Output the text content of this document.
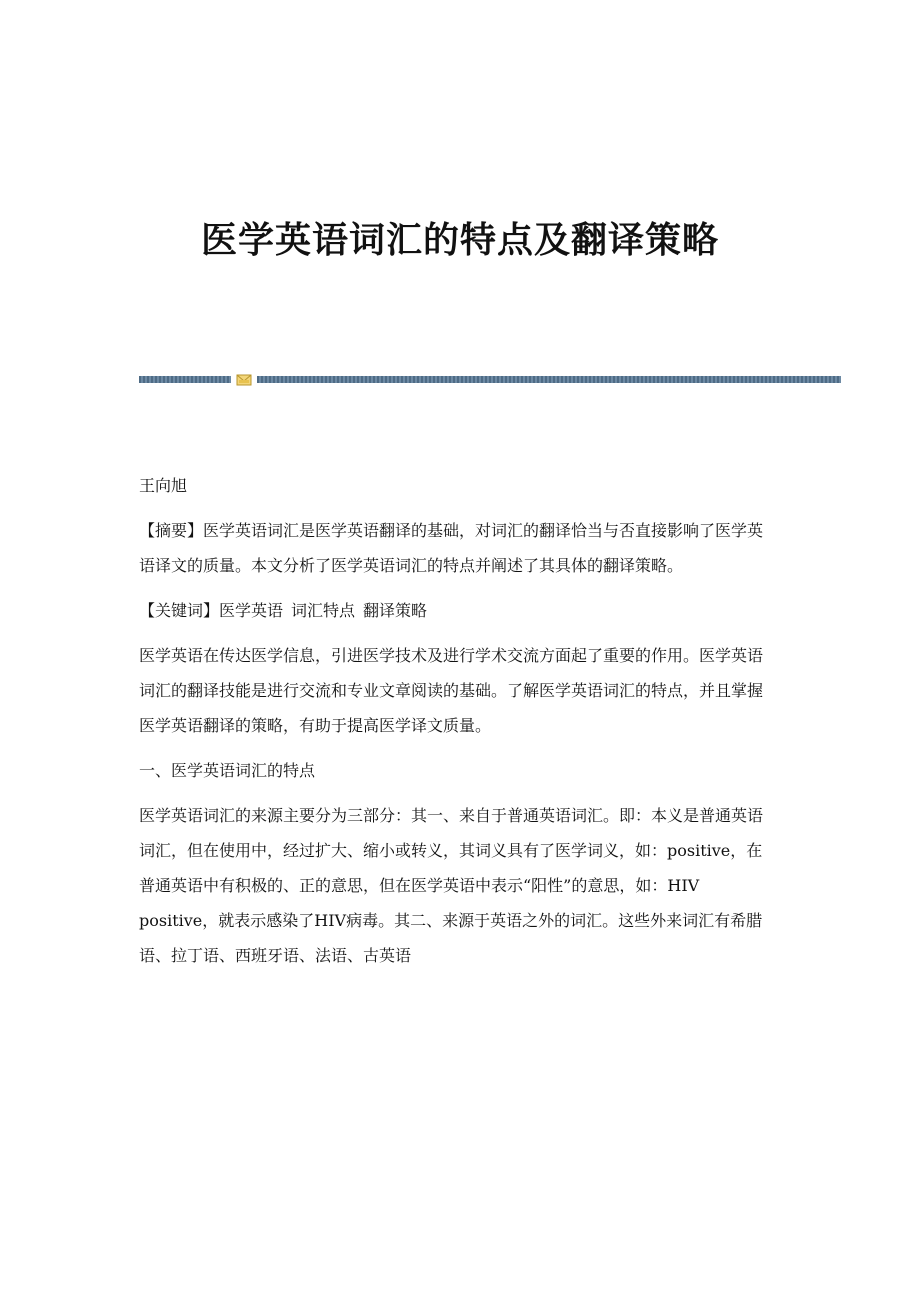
医学英语词汇的特点及翻译策略

王向旭

【摘要】医学英语词汇是医学英语翻译的基础，对词汇的翻译恰当与否直接影响了医学英语译文的质量。本文分析了医学英语词汇的特点并阐述了其具体的翻译策略。

【关键词】医学英语 词汇特点 翻译策略

医学英语在传达医学信息，引进医学技术及进行学术交流方面起了重要的作用。医学英语词汇的翻译技能是进行交流和专业文章阅读的基础。了解医学英语词汇的特点，并且掌握医学英语翻译的策略，有助于提高医学译文质量。

一、医学英语词汇的特点

医学英语词汇的来源主要分为三部分：其一、来自于普通英语词汇。即：本义是普通英语词汇，但在使用中，经过扩大、缩小或转义，其词义具有了医学词义，如：positive，在普通英语中有积极的、正的意思，但在医学英语中表示“阳性”的意思，如：HIV positive，就表示感染了HIV病毒。其二、来源于英语之外的词汇。这些外来词汇有希腊语、拉丁语、西班牙语、法语、古英语
